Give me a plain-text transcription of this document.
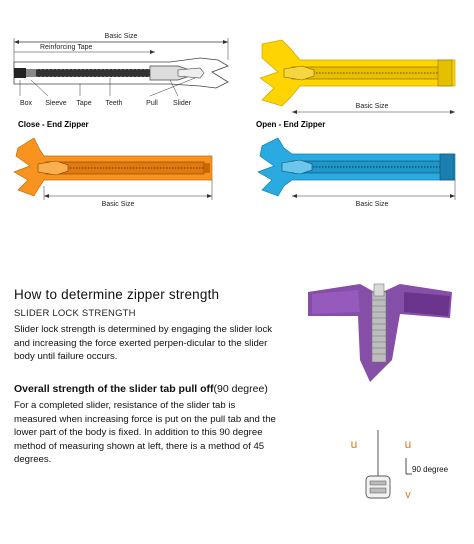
Basic Size
Reinforcing Tape
Box Sleeve Tape Teeth	Pull Slider
Close - End Zipper
Basic Size
Open - End Zipper
Basic Size	Basic Size
How to determine zipper strength
SLIDER LOCK STRENGTH
Slider lock strength is determined by engaging the slider lock and increasing the force exerted perpen-dicular to the slider body until failure occurs.
Overall strength of the slider tab pull off(90 degree)
For a completed slider, resistance of the slider tab is measured when increasing force is put on the pull tab and the lower part of the body is fixed. In addition to this 90 degree method of measuring shown at left, there is a method of 45 degrees.
u	u
90 degree
v
